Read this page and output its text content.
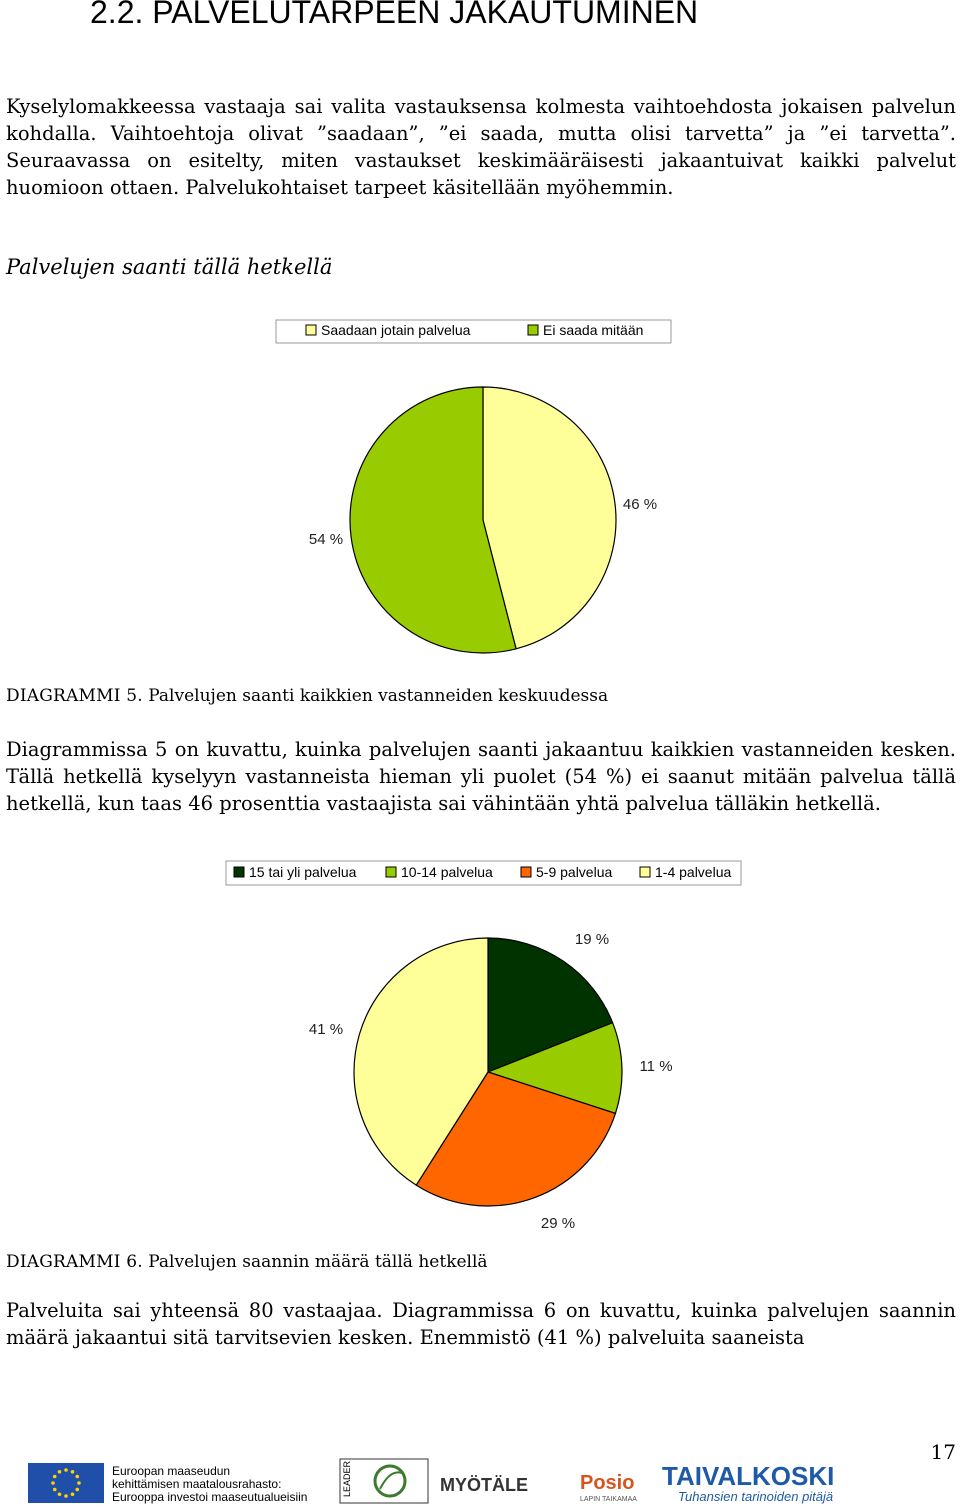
2.2. PALVELUTARPEEN JAKAUTUMINEN

Kyselylomakkeessa vastaaja sai valita vastauksensa kolmesta vaihtoehdosta jokaisen palvelun kohdalla. Vaihtoehtoja olivat ”saadaan”, ”ei saada, mutta olisi tarvetta” ja ”ei tarvetta”. Seuraavassa on esitelty, miten vastaukset keskimääräisesti jakaantuivat kaikki palvelut huomioon ottaen. Palvelukohtaiset tarpeet käsitellään myöhemmin.

Palvelujen saanti tällä hetkellä
Saadaan jotain palvelua	Ei saada mitään
46 %
54 %
DIAGRAMMI 5. Palvelujen saanti kaikkien vastanneiden keskuudessa

Diagrammissa 5 on kuvattu, kuinka palvelujen saanti jakaantuu kaikkien vastanneiden kesken. Tällä hetkellä kyselyyn vastanneista hieman yli puolet (54 %) ei saanut mitään palvelua tällä hetkellä, kun taas 46 prosenttia vastaajista sai vähintään yhtä palvelua tälläkin hetkellä.

15 tai yli palvelua	10-14 palvelua	5-9 palvelua	1-4 palvelua
19 %
11 %
29 %
41 %
DIAGRAMMI 6. Palvelujen saannin määrä tällä hetkellä

Palveluita sai yhteensä 80 vastaajaa. Diagrammissa 6 on kuvattu, kuinka palvelujen saannin määrä jakaantui sitä tarvitsevien kesken. Enemmistö (41 %) palveluita saaneista

17
Euroopan maaseudun
kehittämisen maatalousrahasto:
Eurooppa investoi maaseutualueisiin	LEADER	MYÖTÄLE	Posio
LAPIN TAIKAMAA
TAIVALKOSKI
Tuhansien tarinoiden pitäjä
